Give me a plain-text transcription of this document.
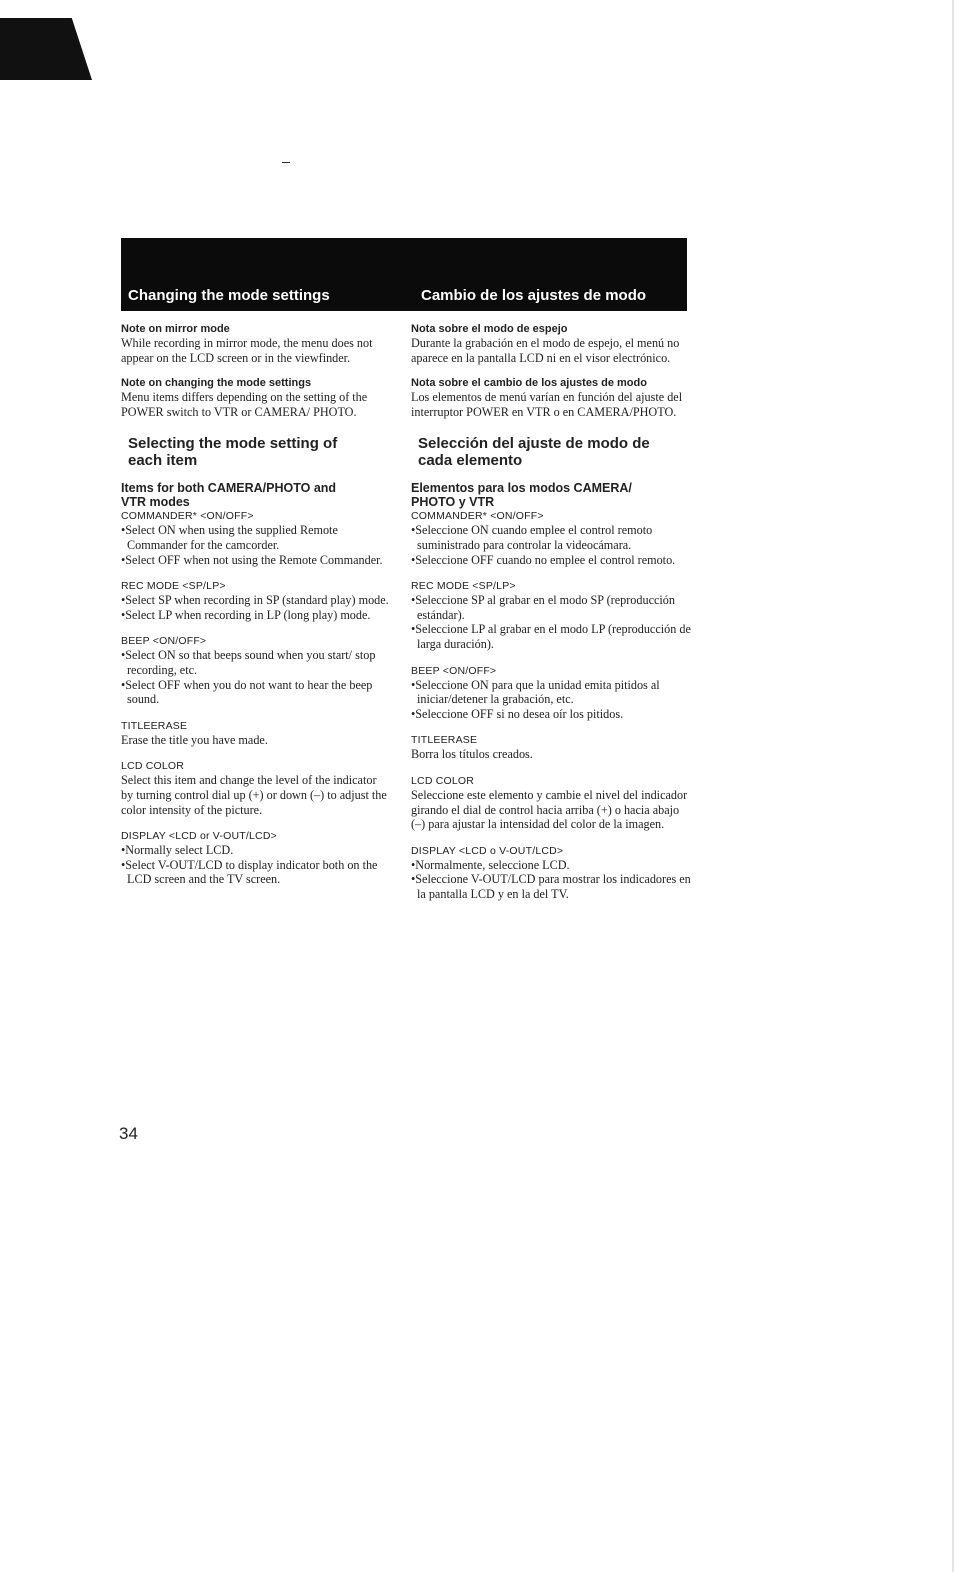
Changing the mode settings	Cambio de los ajustes de modo

Note on mirror mode

While recording in mirror mode, the menu does not appear on the LCD screen or in the viewfinder.

Note on changing the mode settings

Menu items differs depending on the setting of the POWER switch to VTR or CAMERA/ PHOTO.

Selecting the mode setting of
each item
Items for both CAMERA/PHOTO and
VTR modes

COMMANDER* <ON/OFF>

• Select ON when using the supplied Remote Commander for the camcorder.
• Select OFF when not using the Remote Commander.

REC MODE <SP/LP>

• Select SP when recording in SP (standard play) mode.
• Select LP when recording in LP (long play) mode.

BEEP <ON/OFF>

• Select ON so that beeps sound when you start/ stop recording, etc.
• Select OFF when you do not want to hear the beep sound.

TITLEERASE

Erase the title you have made.

LCD COLOR

Select this item and change the level of the indicator by turning control dial up (+) or down (–) to adjust the color intensity of the picture.

DISPLAY <LCD or V-OUT/LCD>

• Normally select LCD.
• Select V-OUT/LCD to display indicator both on the LCD screen and the TV screen.

Nota sobre el modo de espejo

Durante la grabación en el modo de espejo, el menú no aparece en la pantalla LCD ni en el visor electrónico.

Nota sobre el cambio de los ajustes de modo

Los elementos de menú varían en función del ajuste del interruptor POWER en VTR o en CAMERA/PHOTO.

Selección del ajuste de modo de
cada elemento
Elementos para los modos CAMERA/
PHOTO y VTR

COMMANDER* <ON/OFF>

• Seleccione ON cuando emplee el control remoto suministrado para controlar la videocámara.
• Seleccione OFF cuando no emplee el control remoto.

REC MODE <SP/LP>

• Seleccione SP al grabar en el modo SP (reproducción estándar).
• Seleccione LP al grabar en el modo LP (reproducción de larga duración).

BEEP <ON/OFF>

• Seleccione ON para que la unidad emita pitidos al iniciar/detener la grabación, etc.
• Seleccione OFF si no desea oír los pitidos.

TITLEERASE

Borra los títulos creados.

LCD COLOR

Seleccione este elemento y cambie el nivel del indicador girando el dial de control hacia arriba (+) o hacia abajo (–) para ajustar la intensidad del color de la imagen.

DISPLAY <LCD o V-OUT/LCD>

• Normalmente, seleccione LCD.
• Seleccione V-OUT/LCD para mostrar los indicadores en la pantalla LCD y en la del TV.
34
